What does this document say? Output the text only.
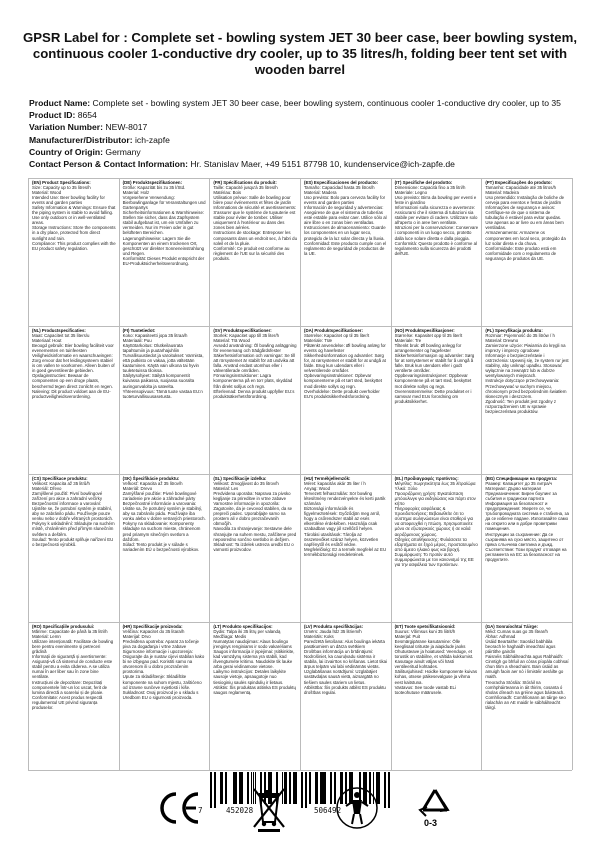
GPSR Label for : Complete set - bowling system JET 30 beer case, beer bowling system, continuous cooler 1-conductive dry cooler, up to 35 litres/h, folding beer tent set with wooden barrel
Product Name: Complete set - bowling system JET 30 beer case, beer bowling system, continuous cooler 1-conductive dry cooler, up to 35
Product ID: 8654
Variation Number: NEW-8017
Manufacturer/Distributor: ich-zapfe
Country of Origin: Germany
Contact Person & Contact Information: Hr. Stanislav Maer, +49 5151 87798 10, kundenservice@ich-zapfe.de
(EN) Product Specifications:
Size: Capacity up to 35 litres/h
Material: Wood
Intended Use: Beer bowling facility for events and garden parties
Safety Information & Warnings: Ensure that the piping system is stable to avoid falling. Use only outdoors or in well-ventilated areas.
Storage Instructions: Store the components in a dry place, protected from direct sunlight and rain.
Compliance: This product complies with the EU product safety regulation.
(DE) Produktspezifikationen:
Größe: Kapazität bis zu 35 l/Std.
Material: Holz
Vorgesehene Verwendung: Bierbowlinganlage für Veranstaltungen und Gartenpartys
Sicherheitsinformationen & Warnhinweise: Stellen Sie sicher, dass das Zapfsystem stabil aufgebaut ist, um ein Umfallen zu vermeiden. Nur im Freien oder in gut belüfteten Bereichen.
Lagerungshinweise: Lagern Sie die Komponenten an einem trockenen Ort, geschützt vor direkter Sonneneinstrahlung und Regen.
Konformität: Dieses Produkt entspricht der EU-Produktsicherheitsverordnung.
(FR) Spécifications du produit:
Taille: Capacité jusqu'à 35 litres/h
Matériau: Bois
Utilisation prévue: Salle de bowling pour bière pour événements et fêtes de jardin
Informations de sécurité et avertissements: S'assurer que le système de tuyauterie est stable pour éviter de tomber. Utiliser uniquement à l'extérieur ou dans des zones bien aérées.
Instructions de stockage: Entreposer les composants dans un endroit sec, à l'abri du soleil et de la pluie.
Conformité: Ce produit est conforme au règlement de l'UE sur la sécurité des produits.
(ES) Especificaciones del producto:
Tamaño: Capacidad hasta 35 litros/h
Material: Madera
Uso previsto: Bolo para cerveza facility for events and garden parties
Información de seguridad y advertencias: Asegúrese de que el sistema de tuberías esté estable para evitar caer. Utilice sólo al aire libre o en zonas bien ventiladas.
Instrucciones de almacenamiento: Guarde los componentes en un lugar seco, protegido de la luz solar directa y la lluvia.
Conformidad: Este producto cumple con el reglamento de seguridad de productos de la UE.
(IT) Specifiche del prodotto:
Dimensione: Capacità fino a 35 litri/h
Materiale: Legno
Uso previsto: Birra da bowling per eventi e feste in giardino
Informazioni sulla sicurezza e avvertenze: Assicurarsi che il sistema di tubazioni sia stabile per evitare di cadere. Utilizzare solo all'aperto o in aree ben ventilate.
Istruzioni per la conservazione: Conservare i componenti in un luogo secco, protetto dalla luce solare diretta e dalla pioggia.
Conformità: Questo prodotto è conforme al regolamento sulla sicurezza dei prodotti dell'UE.
(PT) Especificações do produto:
Tamanho: Capacidade até 35 litros/h
Material: Madeira
Uso pretendido: Instalação de boliche de cerveja para eventos e festas de jardim
Informações de segurança e avisos: Certifique-se de que o sistema de tubulação é estável para evitar quedas. Use apenas ao ar livre ou em áreas bem ventiladas.
Armazenamento: Armazene os componentes em local seco, protegido da luz solar direta e da chuva.
Conformidade: Este produto está em conformidade com o regulamento de segurança de produtos da UE.
(NL) Productspecificaties:
Maat: Capaciteit tot 35 liters/u
Materiaal: Hout
Beoogd gebruik: Bier bowling faciliteit voor evenementen en tuinfeesten
Veiligheidsinformatie en waarschuwingen: Zorg ervoor dat het leidingsysteem stabiel is om vallen te voorkomen. Alleen buiten of in goed geventileerde gebieden.
Opslaginstructies: Bewaar de componenten op een droge plaats, beschermd tegen direct zonlicht en regen.
Naleving: Dit product voldoet aan de EU-productveiligheidsverordening.
(FI) Tuotetiedot:
Koko: Kapasiteetti jopa 35 litraa/h
Materiaali: Puu
Käyttötarkoitus: Olutkeilausrata tapahtumiin ja puutarhajuhliin
Turvallisuustiedot ja varoitukset: Varmista, että putkisto on vakaa, jotta vältetään kaatuminen. Käytä vain ulkona tai hyvin tuuletetuissa tiloissa.
Säilytysohjeet: Säilytä komponentit kuivassa paikassa, suojassa suoralta auringonvalolta ja sateelta.
Yhteensopivuus: Tämä tuote vastaa EU:n tuoteturvallisuusasetusta.
(SV) Produktspecifikationer:
Storlek: Kapacitet upp till 35 liter/h
Material: Trä Wood
Avsedd användning: Öl bowling anläggning för evenemang och trädgårdsfester
Säkerhetsinformation och varningar: Se till att rörsystemet är stabilt för att undvika att falla. Använd endast utomhus eller i välventilerade områden.
Förvaringsinstruktioner: Lagra komponenterna på en torr plats, skyddad från direkt solljus och regn.
Efterlevnad: Denna produkt uppfyller EU:s produktsäkerhetsförordning.
(DA) Produktspecifikationer:
Størrelse: Kapacitet op til 35 liter/t
Materiale: Træ
Påtænkt anvendelse: Øl bowling anlæg for events og havefester
Sikkerhedsinformation og advarsler: Sørg for, at rørsystemet er stabilt for at undgå at falde. Brug kun udendørs eller i velventilerede områder.
Opbevaringsinstruktioner: Opbevar komponenterne på et tørt sted, beskyttet mod direkte sollys og regn.
Overholdelse: Dette produkt overholder EU's produktsikkerhedsforordning.
(NO) Produktspesifikasjoner:
Størrelse: Kapasitet opp til 35 liter/t
Materiale: Tre
Tiltenkt bruk: Øl bowling anlegg for arrangementer og hagefester
Sikkerhetsinformasjon og advarsler: Sørg for at rørsystemet er stabilt for å unngå å falle. Bruk kun utendørs eller i godt ventilerte områder.
Oppbevaringsinstruksjoner: Oppbevar komponentene på et tørt sted, beskyttet mot direkte sollys og regn.
Overensstemmelse: Dette produktet er i samsvar med EUs forordning om produktsikkerhet.
(PL) Specyfikacja produktu:
Rozmiar: Pojemność do 35 litrów / h
Materiał: Drewno
Zamierzone użycie: Piwiarnia do kręgli na imprezy i imprezy ogrodowe
Informacje o bezpieczeństwie i ostrzeżenia: Upewnij się, że system rur jest stabilny, aby uniknąć upadku. Stosować wyłącznie na zewnątrz lub w dobrze wentylowanych miejscach.
Instrukcje dotyczące przechowywania: Przechowywać w suchym miejscu, chronionym przed bezpośrednim światłem słonecznym i deszczem.
Zgodność: Ten produkt jest zgodny z rozporządzeniem UE w sprawie bezpieczeństwa produktów.
(CS) Specifikace produktu:
Velikost: Kapacita až 35 litrů/h
Materiál: Dřevo
Zamýšlené použití: Pivní bowlingové zařízení pro akce a zahradní večírky
Bezpečnostní informace a varování: Ujistěte se, že potrubní systém je stabilní, aby se zabránilo pádu. Používejte pouze venku nebo v dobře větraných prostorách.
Pokyny k uskladnění: Skladujte na suchém místě, chráněném před přímým slunečním světlem a deštěm.
Soulad: Tento produkt splňuje nařízení EU o bezpečnosti výrobků.
(SK) Špecifikácie produktu:
Veľkosť: Kapacita až 35 litrov/h
Materiál: Drevo
Zamýšľané použitie: Pivné bowlingové zariadenie pre akcie a záhradné párty
Bezpečnostné informácie a varovania: Uistite sa, že potrubný systém je stabilný, aby sa zabránilo pádu. Používajte iba vonku alebo v dobre vetraných priestoroch.
Pokyny na skladovanie: Komponenty skladujte na suchom mieste, chránenom pred priamym slnečným svetlom a dažďom.
Súlad: Tento produkt je v súlade s nariadením EÚ o bezpečnosti výrobkov.
(SL) Specifikacije izdelka:
Velikost: Zmogljivost do 35 litrov/h
Material: Les
Predvidena uporaba: Naprava za pivsko kegljanje za prireditve in vrtne zabave
Varnostne informacije in opozorila: Zagotovite, da je cevovod stabilen, da se prepreči padec. Uporabljajte samo na prostem ali v dobro prezračevanih območjih.
Navodila za shranjevanje: Sestavne dele shranjujte na suhem mestu, zaščitene pred neposredno sončno svetlobo in dežjem.
Skladnost: Ta izdelek ustreza uredbi EU o varnosti proizvodov.
(HU) Termékjellemzők:
Méret: kapacitás akár 35 liter / h
Anyag: Wood
Tervezett felhasználás: Sör bowling létesítmény rendezvényekre és kerti partik számára
Biztonsági információk és figyelmeztetések: Győződjön meg arról, hogy a csőrendszer stabil az esés elkerülése érdekében. Használja csak szabadban vagy jól szellőző helyen.
Tárolási utasítások: Tárolja az összetevőket száraz helyen, közvetlen napfénytől és esőtől védve.
Megfelelőség: Ez a termék megfelel az EU termékbiztonsági rendeletének.
(EL) Προδιαγραφές προϊόντος:
Μέγεθος: Χωρητικότητα έως 35 λίτρα/ώρα
Υλικό: Ξύλο
Προοριζόμενη χρήση: Εγκατάσταση μπόουλινγκ για εκδηλώσεις και πάρτι στον κήπο
Πληροφορίες ασφάλειας & προειδοποιήσεις: Βεβαιωθείτε ότι το σύστημα σωληνώσεων είναι σταθερό για να αποφευχθεί η πτώση. Χρησιμοποιείτε μόνο σε εξωτερικούς χώρους ή σε καλά αεριζόμενους χώρους.
Οδηγίες αποθήκευσης: Φυλάσσετε τα εξαρτήματα σε ξηρό μέρος, προστατευμένο από άμεσο ηλιακό φως και βροχή.
Συμμόρφωση: Το προϊόν αυτό συμμορφώνεται με τον κανονισμό της ΕΕ για την ασφάλεια των προϊόντων.
(BG) Спецификации на продукта:
Размер: Капацитет до 35 литра/ч
Материал: Дърво материал
Предназначение: Бирен боулинг за събития и градински партита
Информация за безопасност и предупреждения: Уверете се, че тръбопроводната система е стабилна, за да се избегне падане. Използвайте само на открито или в добре проветриви помещения.
Инструкции за съхранение: Да се съхранява на сухо място, защитено от пряка слънчева светлина и дъжд.
Съответствие: Този продукт отговаря на регламента на ЕС за безопасност на продуктите.
(RO) Specificațiile produsului:
Mărime: Capacitate de până la 35 litri/h
Material: Lemn
Utilizare intenționată: Facilitate de bowling bere pentru evenimente și petreceri grădină
Informații de siguranță și avertismente: Asigurați-vă că sistemul de conducte este stabil pentru a evita căderea. A se utiliza numai în aer liber sau în zone bine ventilate.
Instrucțiuni de depozitare: Depozitați componentele într-un loc uscat, ferit de lumina directă a soarelui și de ploaie.
Conformitate: Acest produs respectă regulamentul UE privind siguranța produselor.
(HR) Specifikacije proizvoda:
Veličina: Kapacitet do 35 litara/h
Materijal: Drvo
Predviđena upotreba: Aparat za točenje piva za događanja i vrtne zabave
Sigurnosne informacije i upozorenja: Osigurajte da je sustav cijevi stabilan kako bi se izbjegao pad. Koristiti samo na otvorenom ili u dobro prozračenim prostorima.
Upute za skladištenje: Skladištite komponente na suhom mjestu, zaštićeno od izravne sunčeve svjetlosti i kiše.
Sukladnost: Ovaj proizvod je u skladu s Uredbom EU o sigurnosti proizvoda.
(LT) Produkto specifikacijos:
Dydis: Talpa iki 35 litrų per valandą
Medžiaga: Medis
Numatytas naudojimas: Alaus boulingo įrenginys renginiams ir sodo vakarėliams
Saugos informacija ir įspėjimai: Įsitikinkite, kad vamzdynų sistema yra stabili, kad išvengtumėte kritimo. Naudokite tik lauke arba gerai vėdinamose vietose.
Laikymo instrukcijos: Detales laikykite sausoje vietoje, apsaugotoje nuo tiesioginių saulės spindulių ir lietaus.
Atitiktis: Šis produktas atitinka ES produktų saugos reglamentą.
(LV) Produkta specifikācijas:
Izmērs: Jauda līdz 35 litriem/h
Materiāls: Koks
Paredzētā lietošana: Alus boulinga iekārta pasākumiem un dārza svētkiem
Drošības informācija un brīdinājumi: Nodrošiniet, ka cauruļvadu sistēma ir stabila, lai izvairītos no krišanas. Lietot tikai ārpus telpām vai labi vēdināmās vietās.
Uzglabāšanas norādījumi: Uzglabājiet sastāvdaļas sausā vietā, aizsargātā no tiešiem saules stariem un lietus.
Atbilstība: Šis produkts atbilst ES produktu drošības regulai.
(ET) Toote spetsifikatsioonid:
Suurus: Võimsus kuni 35 liitrit/h
Materjal: Puit
Eesmärgipärane kasutamine: Õlle keeglisaal ürituste ja aiapidude jaoks
Ohutusteave ja hoiatused: Veenduge, et torustik on stabiilne, et vältida kukkumist. Kasutage ainult väljas või hästi ventileeritud kohtades.
Säilitusjuhised: Hoidke komponente kuivas kohas, otsese päikesevalguse ja vihma eest kaitstuna.
Vastavus: See toode vastab ELi tooteohutuse määrusele.
(GA) Sonraíochtaí Táirge:
Méid: Cumas suas go 35 lítear/h
Ábhar: Adhmad
Úsáid Beartaithe: Saoráid babhlála beorach le haghaidh imeachtaí agus páirtithe gairdín
Faisnéis Sábháilteachta agus Rabhaidh: Cinntigh go bhfuil an córas píopála cobhsaí chun titim a sheachaint. Bain úsáid as amuigh faoin aer nó i limistéir aeráilte go maith.
Treoracha Stórála: Stóráil na comhpháirteanna in áit thirim, cosanta ó sholas díreach na gréine agus báisteach.
Comhlíonadh: Comhlíonann an táirge seo rialachán an AE maidir le sábháilteacht táirgí.
7	452028	506492
0-3
